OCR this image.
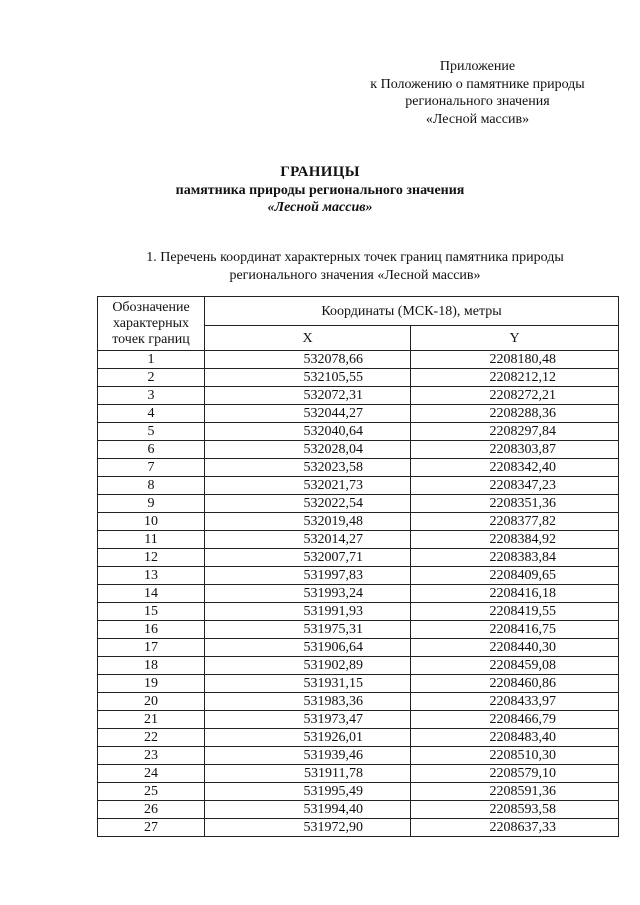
Приложение
к Положению о памятнике природы
регионального значения
«Лесной массив»
ГРАНИЦЫ
памятника природы регионального значения
«Лесной массив»
1. Перечень координат характерных точек границ памятника природы
регионального значения «Лесной массив»
Обозначение
характерных
точек границ	Координаты (МСК-18), метры	
	X	Y
1	532078,66	2208180,48
2	532105,55	2208212,12
3	532072,31	2208272,21
4	532044,27	2208288,36
5	532040,64	2208297,84
6	532028,04	2208303,87
7	532023,58	2208342,40
8	532021,73	2208347,23
9	532022,54	2208351,36
10	532019,48	2208377,82
11	532014,27	2208384,92
12	532007,71	2208383,84
13	531997,83	2208409,65
14	531993,24	2208416,18
15	531991,93	2208419,55
16	531975,31	2208416,75
17	531906,64	2208440,30
18	531902,89	2208459,08
19	531931,15	2208460,86
20	531983,36	2208433,97
21	531973,47	2208466,79
22	531926,01	2208483,40
23	531939,46	2208510,30
24	531911,78	2208579,10
25	531995,49	2208591,36
26	531994,40	2208593,58
27	531972,90	2208637,33
